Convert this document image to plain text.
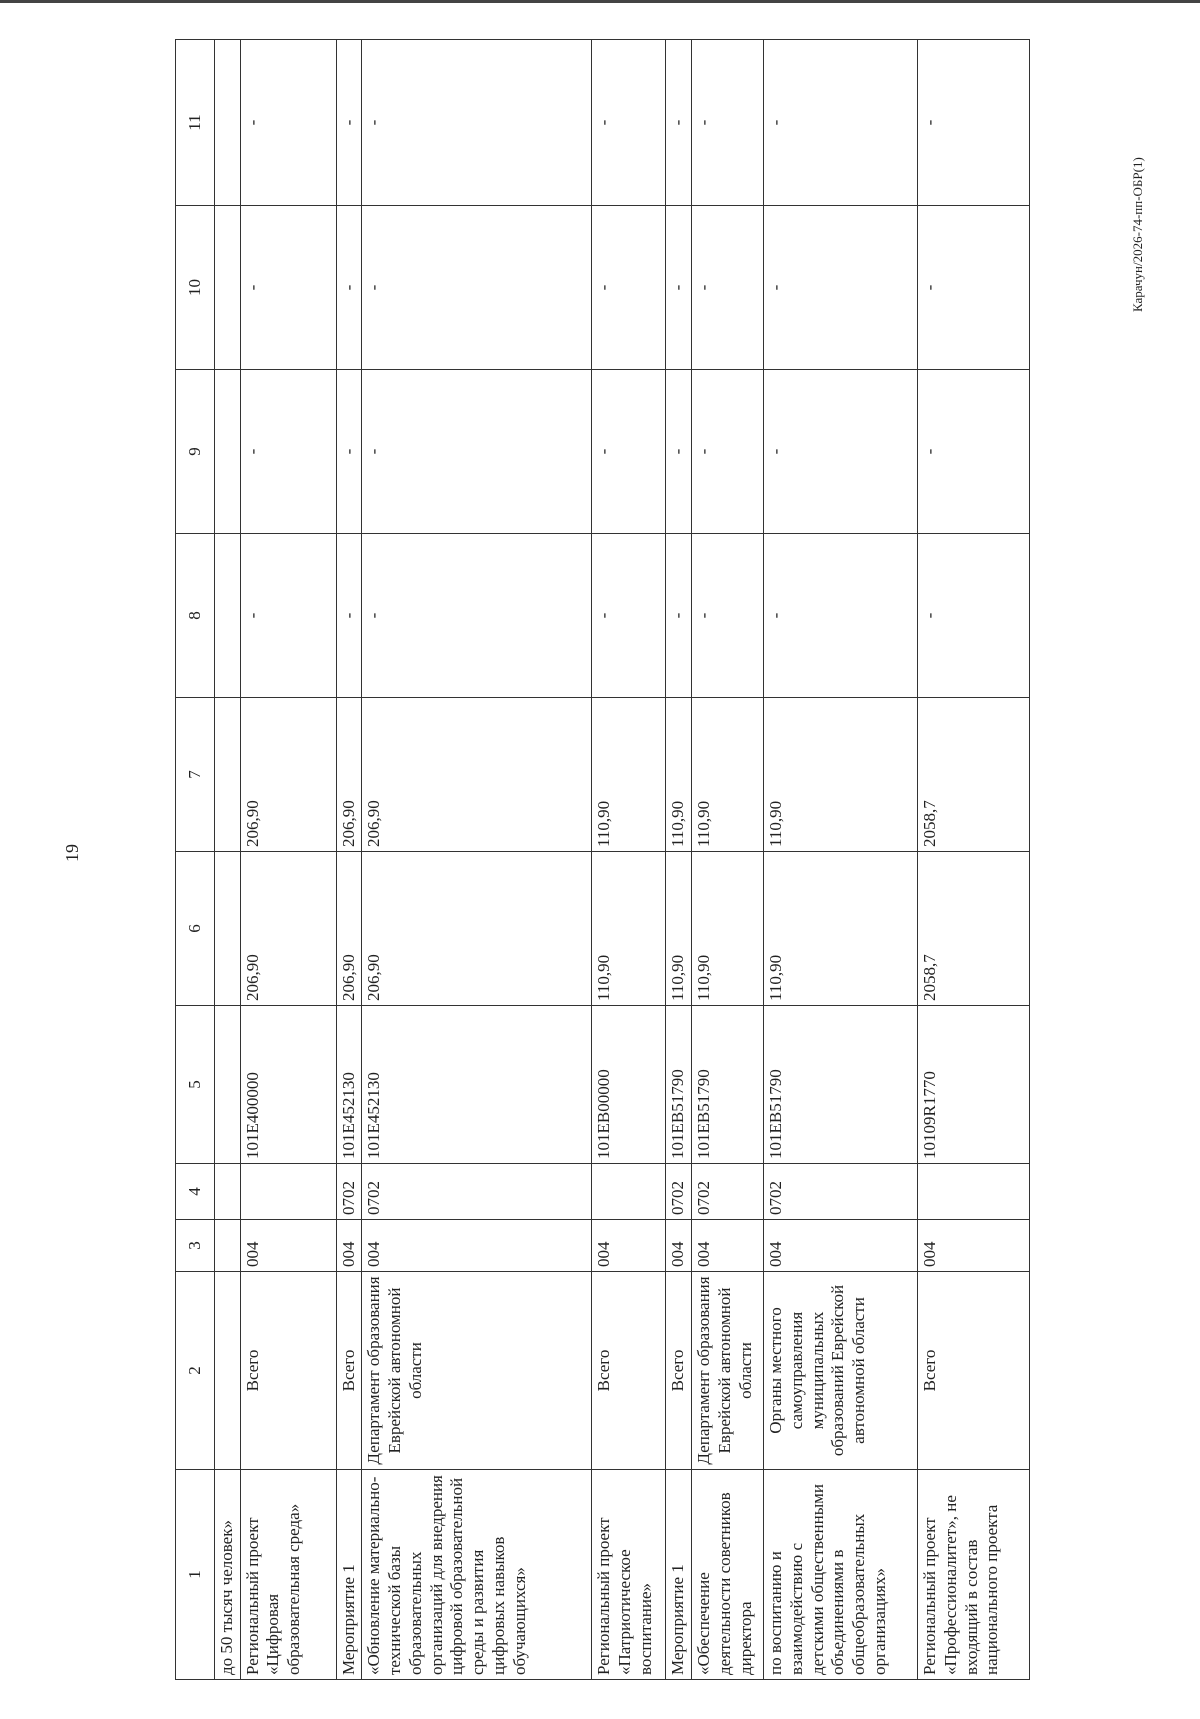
19
Карачун/2026-74-пп-ОБР(1)
1	2	3	4	5	6	7	8	9	10	11
до 50 тысяч человек»										
Региональный проект «Цифровая образовательная среда»	Всего	004		101E400000	206,90	206,90	-	-	-	-
Мероприятие 1	Всего	004	0702	101E452130	206,90	206,90	-	-	-	-
«Обновление материально-технической базы образовательных организаций для внедрения цифровой образовательной среды и развития цифровых навыков обучающихся»	Департамент образования Еврейской автономной области	004	0702	101E452130	206,90	206,90	-	-	-	-
Региональный проект «Патриотическое воспитание»	Всего	004		101EB00000	110,90	110,90	-	-	-	-
Мероприятие 1	Всего	004	0702	101EB51790	110,90	110,90	-	-	-	-
«Обеспечение деятельности советников директора	Департамент образования Еврейской автономной области	004	0702	101EB51790	110,90	110,90	-	-	-	-
по воспитанию и взаимодействию с детскими общественными объединениями в общеобразовательных организациях»	Органы местного самоуправления муниципальных образований Еврейской автономной области	004	0702	101EB51790	110,90	110,90	-	-	-	-
Региональный проект «Профессионалитет», не входящий в состав национального проекта	Всего	004		10109R1770	2058,7	2058,7	-	-	-	-
